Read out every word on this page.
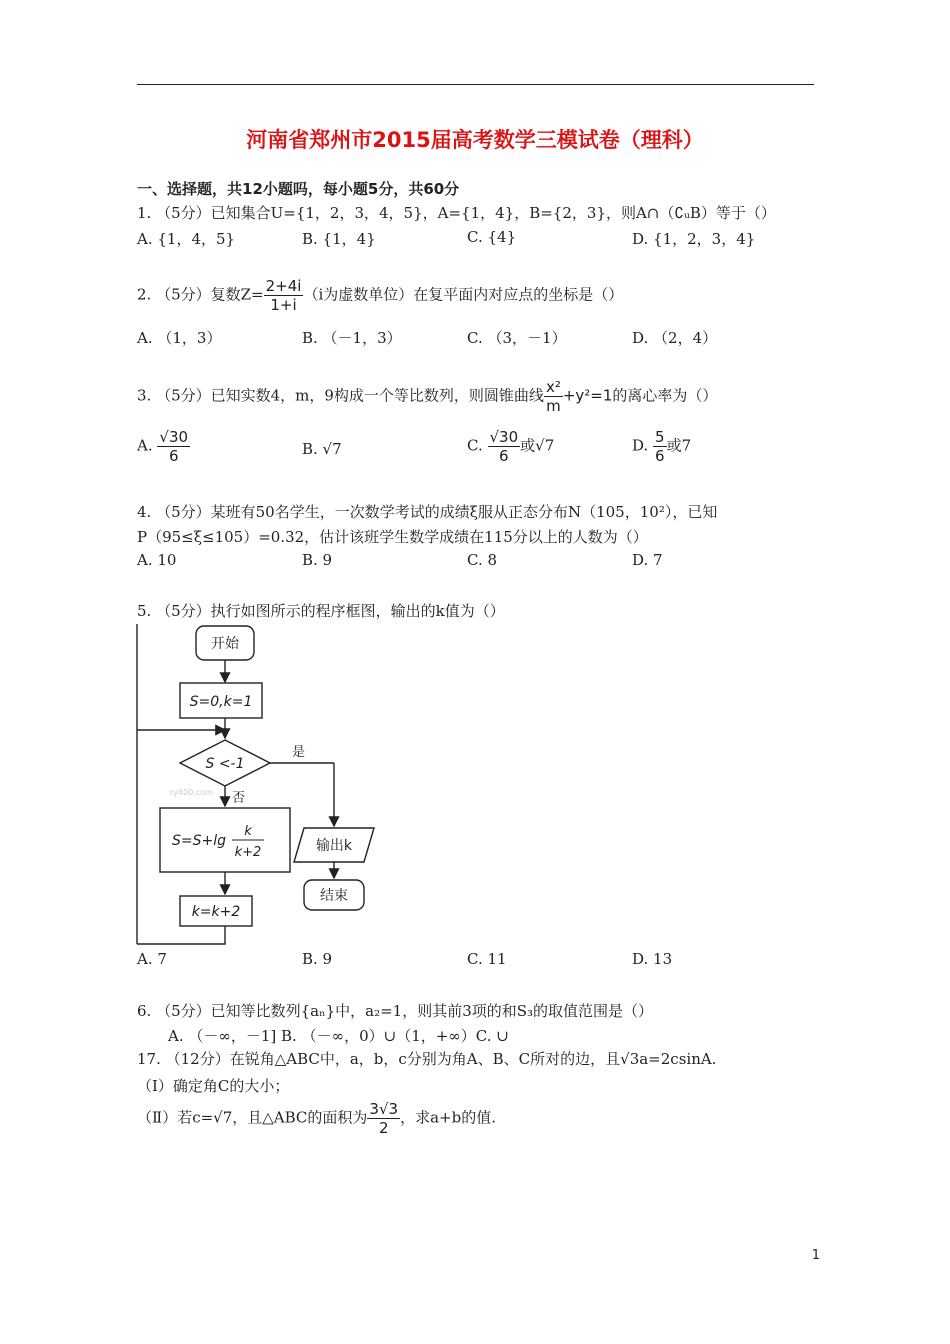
河南省郑州市2015届高考数学三模试卷（理科）
一、选择题，共12小题吗，每小题5分，共60分
1. （5分）已知集合U={1，2，3，4，5}，A={1，4}，B={2，3}，则A∩（∁ᵤB）等于（）
A. {1，4，5}	B. {1，4}	C. {4}	D. {1，2，3，4}
2. （5分）复数$Z= \frac{2+4i}{1+i} (i$为虚数单位）在复平面内对应点的坐标是（）
A. （1，3）	B. （－1，3）	C. （3，－1）	D. （2，4）
3. （5分）已知实数4，m，9构成一个等比数列，则圆锥曲线 $\frac{\text{x²}}{m} +y^2=1$的离心率为（）
A. $\frac{√30}{6}$	B. √7	C. $\frac{√30}{6}$ 或√7	D. $\frac{5}{6}$ 或7
4. （5分）某班有50名学生，一次数学考试的成绩ξ服从正态分布N（105，10²），已知
P（95≤ξ≤105）=0.32，估计该班学生数学成绩在115分以上的人数为（）
A. 10	B. 9	C. 8	D. 7
5. （5分）执行如图所示的程序框图，输出的k值为（）
开始
S=0,k=1
S <-1
是
否
ry400.com
S=S+lg
k
k+2
k=k+2
输出k
结束
A. 7	B. 9	C. 11	D. 13
6. （5分）已知等比数列{aₙ}中，a₂=1，则其前3项的和S₃的取值范围是（）
A. （－∞，－1] B. （－∞，0）∪（1，+∞）C. ∪
17. （12分）在锐角△ABC中，a，b，c分别为角A、B、C所对的边，且√3a=2csinA.
（Ⅰ）确定角C的大小；
（Ⅱ）若c=√7，且△ABC的面积为 $\frac{3√3}{2}$ ，求a+b的值.
1
